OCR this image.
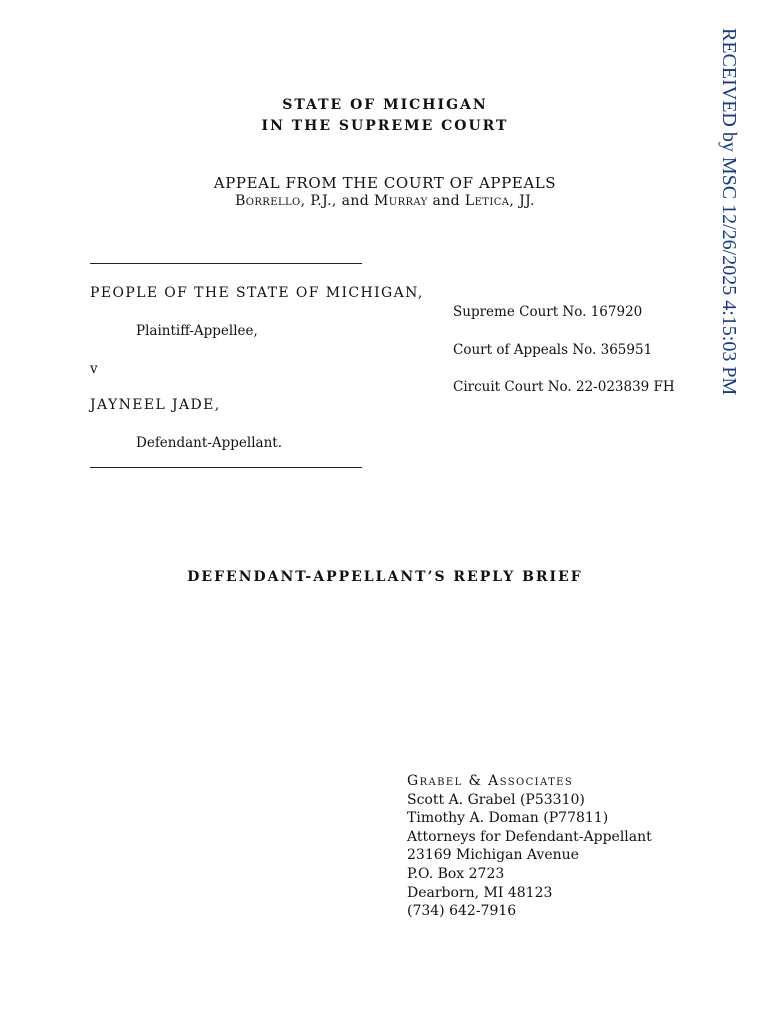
STATE OF MICHIGAN
IN THE SUPREME COURT
APPEAL FROM THE COURT OF APPEALS
Borrello, P.J., and Murray and Letica, JJ.
PEOPLE OF THE STATE OF MICHIGAN,
Plaintiff-Appellee,
v
JAYNEEL JADE,
Defendant-Appellant.
Supreme Court No. 167920
Court of Appeals No. 365951
Circuit Court No. 22-023839 FH
DEFENDANT-APPELLANT’S REPLY BRIEF
Grabel & Associates
Scott A. Grabel (P53310)
Timothy A. Doman (P77811)
Attorneys for Defendant-Appellant
23169 Michigan Avenue
P.O. Box 2723
Dearborn, MI 48123
(734) 642-7916
RECEIVED by MSC 12/26/2025 4:15:03 PM
